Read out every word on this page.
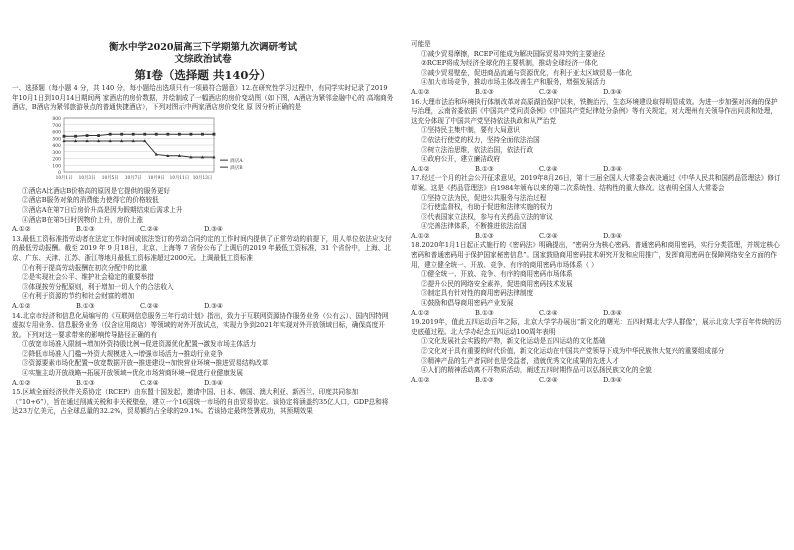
衡水中学2020届高三下学期第九次调研考试
文综政治试卷
第Ⅰ卷（选择题 共140分）
一、选择题（每小题 4 分，共 140 分，每小题给出选项只有一项最符合题意）12.在研究性学习过程中，有同学实时记录了2019年10月1日到10月14日期间两 家酒店的房价数据，并绘制成了一幅酒店的房价变动图（如下图，A酒店为紧邻金融中心的 高端商务酒店，B酒店为紧邻旅游景点的普通快捷酒店），下列对图示中两家酒店房价变化 原 因分析正确的是
800
700
600
500
400
300
200
100
0
10月1日 10月3日 10月5日 10月7日 10月9日 10月11日 10月13日
酒店A
酒店B
①酒店A比酒店B价格高的原因是它提供的服务更好
②酒店B服务对象的消费能力使得它的价格较低
③酒店A在第7日后房价升高是因为假期结束后需求上升
④酒店B在第5日时因物价上升，房价上涨
A.①②	B.①③	C.②④	D.③④
13.最低工资标准指劳动者在法定工作时间或依法签订的劳动合同约定的工作时间内提供了正常劳动的前提下，用人单位依法应支付的最低劳动报酬。截至 2019 年 9 月18日，北京、上海等 7 省份公布了上调后的2019 年最低工资标准，31 个省份中，上海、北京、广东、天津、江苏、浙江等地月最低工资标准超过2000元。上调最低工资标准
①有利于提高劳动报酬在初次分配中的比重
②是实现社会公平、维护社会稳定的重要举措
③体现按劳分配原则，利于增加一切人个的合法收入
④有利于资源的节约和社会财富的增加
A.①②	B.①③	C.②④	D.③④
14.北京市经济和信息化局编写的《互联网信息服务三年行动计划》指出，致力于互联网资源协作服务业务（公有云）、国内因特网虚拟专用业务、信息服务业务（仅含应用商店）等领域的对外开放试点，实现力争到2021年实现对外开放领域目标，确保高度开放。下列对这一要求带来的影响传导路径正确的有
①放宽市场准入限制→增加外资持股比例→促进资源优化配置→激发市场主体活力
②降低市场准入门槛→外资大规模进入→增强市场活力→推动行业竞争
③资源要素市场化配置→放宽数据开放→推进建设→加快营业环境→推进贸易结构改革
④实施主动开放战略→拓展开放领域→优化市场营商环境→促进行业健康发展
A.①②	B.①③	C.②④	D.③④
15.区域全面经济伙伴关系协定（RCEP）由东盟十国发起，邀请中国、日本、韩国、澳大利亚、新西兰、印度共同参加（“10+6”），旨在通过削减关税和非关税壁垒，建立一个16国统一市场的自由贸易协定。该协定将涵盖约35亿人口，GDP总和将达23万亿美元，占全球总量的32.2%，贸易额约占全球的29.1%。若该协定最终签署成功，其预期效果
可能是
①减少贸易摩擦，RCEP可能成为解决国际贸易冲突的主要途径
②RCEP将成为经济全球化的主要机制，推动全球经济一体化
③减少贸易壁垒，促进商品流通与资源优化，有利于亚太区域贸易一体化
④加大市场竞争，推动市场主体改善生产和服务，增强发展活力
A.①②	B.①③	C.②④	D.③④
16.大理市法治和环境执行体制改革对高原湖泊保护以来，铁腕治污，生态环境建设取得明显成效。为进一步加强对洱海的保护与治理，云南省委依据《中国共产党问责条例》《中国共产党纪律处分条例》等有关规定，对大理州有关领导作出问责和处理，这充分体现了中国共产党坚持依法执政和从严治党
①坚持民主集中制，要有大局意识
②依法行使党的权力，坚持全面依法治国
③树立法治思维，依法治国，依法行政
④政府公开，建立廉洁政府
A.①②	B.①③	C.②④	D.③④
17.经过一个月的社会公开征求意见，2019年8月26日，第十三届全国人大常委会表决通过《中华人民共和国药品管理法》修订草案。这是《药品管理法》自1984年颁布以来的第二次系统性、结构性的重大修改。这表明全国人大常委会
①坚持立法为民，促进公共服务与法治过程
②行使监督权，有助于促进和法律实施的权力
③代表国家立法权，参与有关药品立法的审议
④完善法律体系，不断推进依法治国
A.①②	B.①③	C.②④	D.③④
18.2020年1月1日起正式施行的《密码法》明确提出，“密码分为核心密码、普通密码和商用密码，实行分类管理，并规定核心密码和普通密码用于保护国家秘密信息”。国家鼓励商用密码技术研究开发和应用推广，发挥商用密码在保障网络安全方面的作用，建立健全统一、开放、竞争、有序的商用密码市场体系（ ）
①健全统一、开放、竞争、有序的商用密码市场体系
②提升公民的网络安全素养，促进商用密码技术发展
③制定具有针对性的商用密码法律制度
④鼓励和倡导商用密码产业发展
A.①②	B.①③	C.②④	D.③④
19.2019年，值此五四运动百年之际，北京大学学办展出“新文化的曙光：五四时期北大学人群像”，展示北京大学百年传统的历史底蕴过程。北大学办纪念五四运动100周年表明
①文化发展社会实践的产物，新文化运动是五四运动的文化基础
②文化对于具有重要的时代价值，新文化运动在中国共产党领导下成为中华民族伟大复兴的重要组成部分
③精神产品的生产者同时也是受益者，造就优秀文化成果的先进人才
④人们的精神活动离不开物质活动，阐述五四时期作品可以弘扬民族文化的全貌
A.①②	B.①③	C.②④	D.③④
